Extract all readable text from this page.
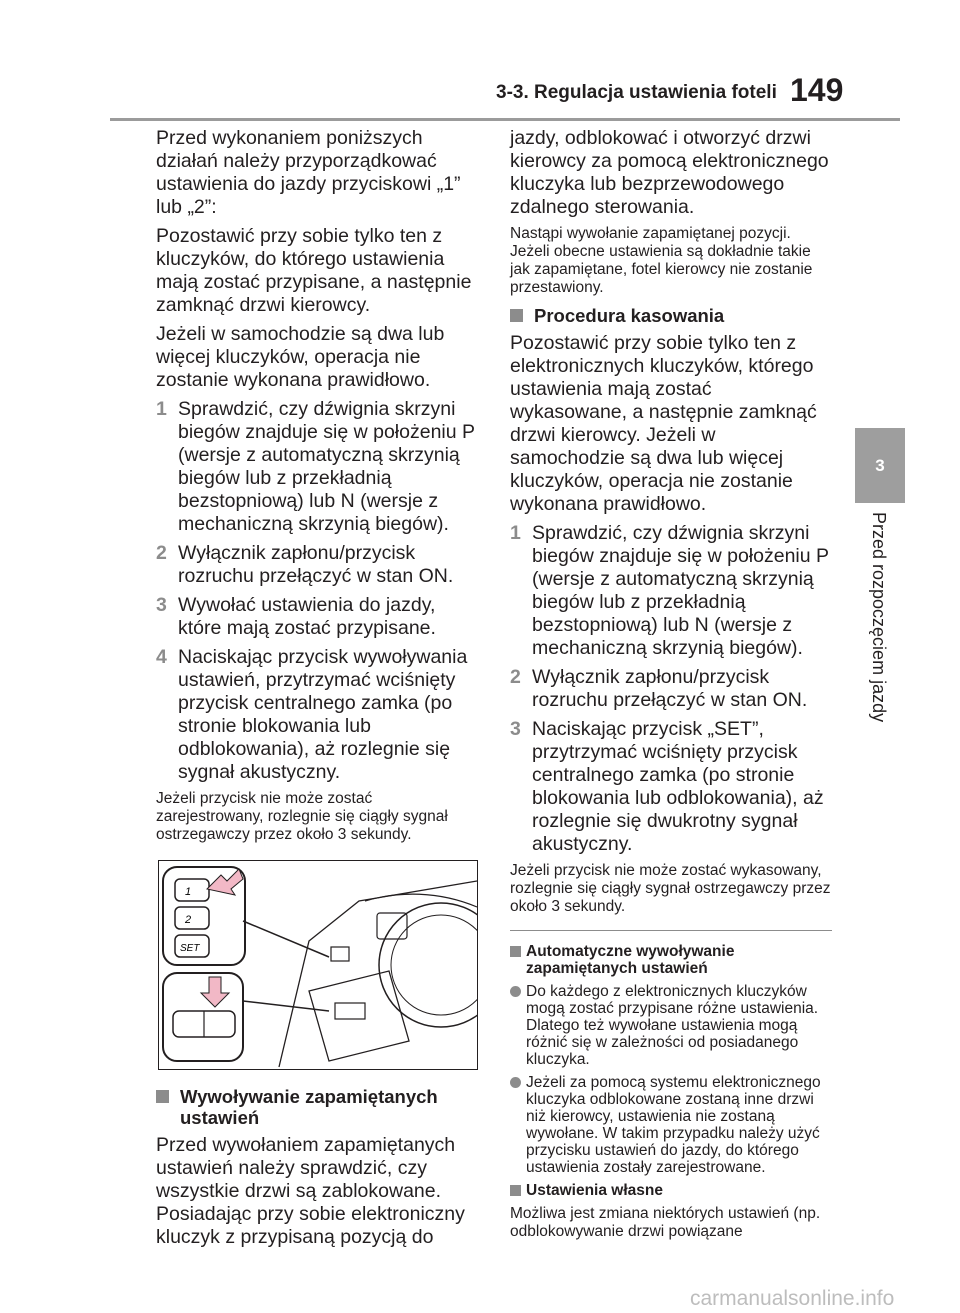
3-3. Regulacja ustawienia foteli 149
3
Przed rozpoczęciem jazdy

Przed wykonaniem poniższych działań należy przyporządkować ustawienia do jazdy przyciskowi „1” lub „2”:

Pozostawić przy sobie tylko ten z kluczyków, do którego ustawienia mają zostać przypisane, a następnie zamknąć drzwi kierowcy.

Jeżeli w samochodzie są dwa lub więcej kluczyków, operacja nie zostanie wykonana prawidłowo.

1 Sprawdzić, czy dźwignia skrzyni biegów znajduje się w położeniu P (wersje z automatyczną skrzynią biegów lub z przekładnią bezstopniową) lub N (wersje z mechaniczną skrzynią biegów).
2 Wyłącznik zapłonu/przycisk rozruchu przełączyć w stan ON.
3 Wywołać ustawienia do jazdy, które mają zostać przypisane.
4 Naciskając przycisk wywoływania ustawień, przytrzymać wciśnięty przycisk centralnego zamka (po stronie blokowania lub odblokowania), aż rozlegnie się sygnał akustyczny.

Jeżeli przycisk nie może zostać zarejestrowany, rozlegnie się ciągły sygnał ostrzegawczy przez około 3 sekundy.

1
2
SET
Wywoływanie zapamiętanych ustawień

Przed wywołaniem zapamiętanych ustawień należy sprawdzić, czy wszystkie drzwi są zablokowane. Posiadając przy sobie elektroniczny kluczyk z przypisaną pozycją do

jazdy, odblokować i otworzyć drzwi kierowcy za pomocą elektronicznego kluczyka lub bezprzewodowego zdalnego sterowania.

Nastąpi wywołanie zapamiętanej pozycji. Jeżeli obecne ustawienia są dokładnie takie jak zapamiętane, fotel kierowcy nie zostanie przestawiony.

Procedura kasowania

Pozostawić przy sobie tylko ten z elektronicznych kluczyków, którego ustawienia mają zostać wykasowane, a następnie zamknąć drzwi kierowcy. Jeżeli w samochodzie są dwa lub więcej kluczyków, operacja nie zostanie wykonana prawidłowo.

1 Sprawdzić, czy dźwignia skrzyni biegów znajduje się w położeniu P (wersje z automatyczną skrzynią biegów lub z przekładnią bezstopniową) lub N (wersje z mechaniczną skrzynią biegów).
2 Wyłącznik zapłonu/przycisk rozruchu przełączyć w stan ON.
3 Naciskając przycisk „SET”, przytrzymać wciśnięty przycisk centralnego zamka (po stronie blokowania lub odblokowania), aż rozlegnie się dwukrotny sygnał akustyczny.

Jeżeli przycisk nie może zostać wykasowany, rozlegnie się ciągły sygnał ostrzegawczy przez około 3 sekundy.

Automatyczne wywoływanie zapamiętanych ustawień
Do każdego z elektronicznych kluczyków mogą zostać przypisane różne ustawienia. Dlatego też wywołane ustawienia mogą różnić się w zależności od posiadanego kluczyka.
Jeżeli za pomocą systemu elektronicznego kluczyka odblokowane zostaną inne drzwi niż kierowcy, ustawienia nie zostaną wywołane. W takim przypadku należy użyć przycisku ustawień do jazdy, do którego ustawienia zostały zarejestrowane.
Ustawienia własne

Możliwa jest zmiana niektórych ustawień (np. odblokowywanie drzwi powiązane

carmanualsonline.info
